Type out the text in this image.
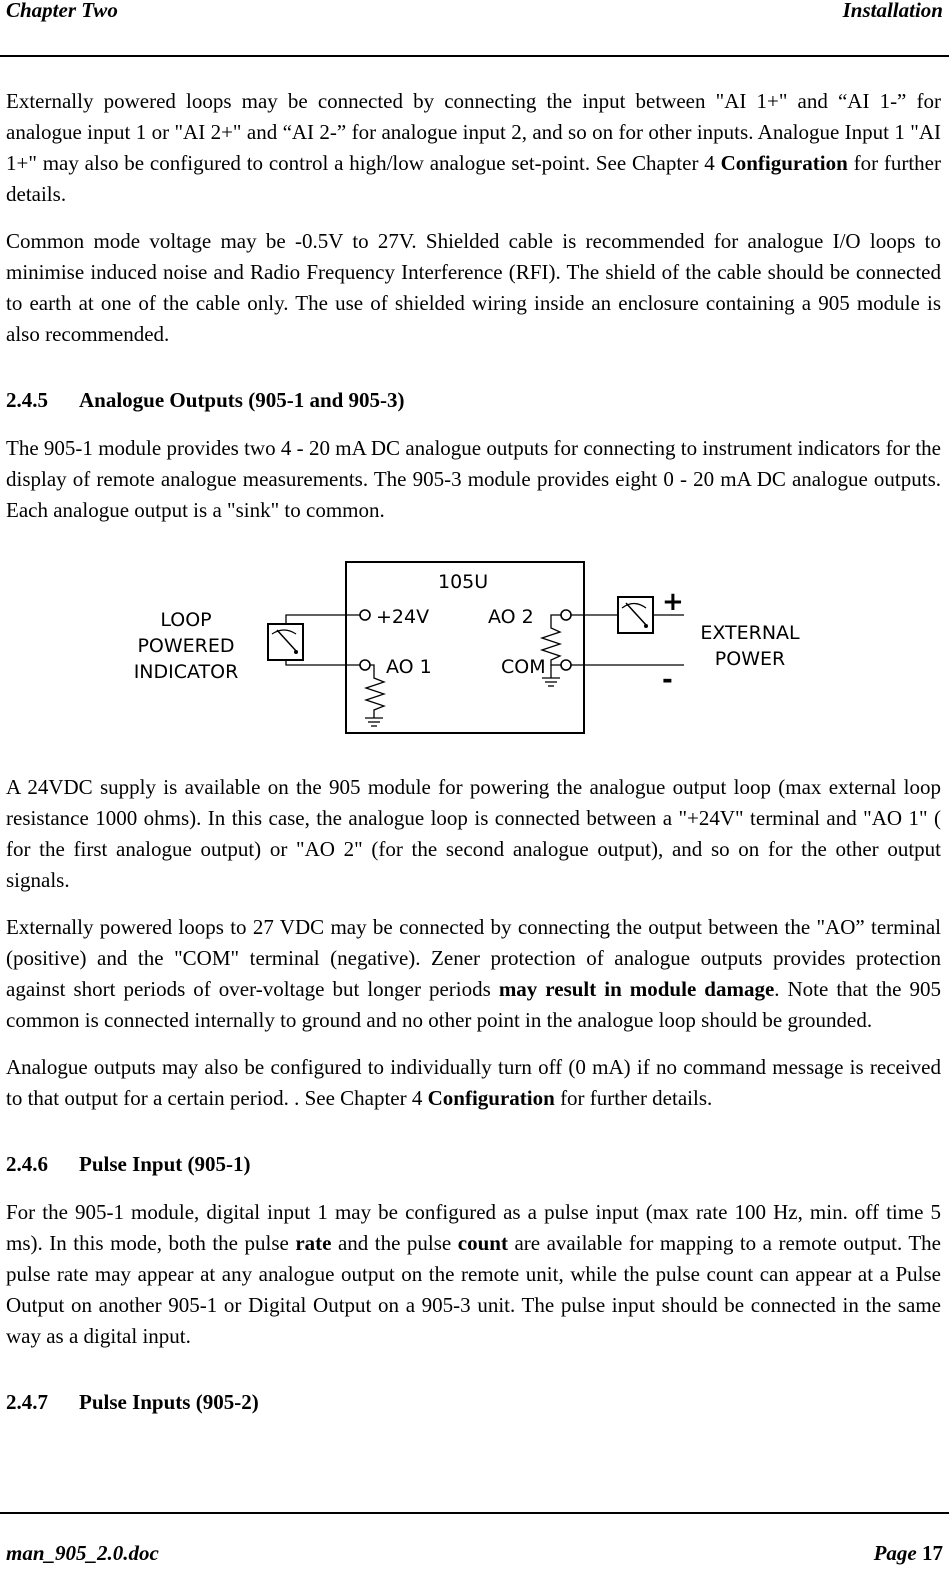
Chapter Two	Installation

Externally powered loops may be connected by connecting the input between "AI 1+" and “AI 1-” for analogue input 1 or "AI 2+" and “AI 2-” for analogue input 2, and so on for other inputs. Analogue Input 1 "AI 1+" may also be configured to control a high/low analogue set-point. See Chapter 4 Configuration for further details.

Common mode voltage may be -0.5V to 27V. Shielded cable is recommended for analogue I/O loops to minimise induced noise and Radio Frequency Interference (RFI). The shield of the cable should be connected to earth at one of the cable only. The use of shielded wiring inside an enclosure containing a 905 module is also recommended.

2.4.5 Analogue Outputs (905-1 and 905-3)

The 905-1 module provides two 4 - 20 mA DC analogue outputs for connecting to instrument indicators for the display of remote analogue measurements. The 905-3 module provides eight 0 - 20 mA DC analogue outputs. Each analogue output is a "sink" to common.

105U
+24V
AO 1
AO 2
COM
+
-
LOOP
POWERED
INDICATOR
EXTERNAL
POWER

A 24VDC supply is available on the 905 module for powering the analogue output loop (max external loop resistance 1000 ohms). In this case, the analogue loop is connected between a "+24V" terminal and "AO 1" ( for the first analogue output) or "AO 2" (for the second analogue output), and so on for the other output signals.

Externally powered loops to 27 VDC may be connected by connecting the output between the "AO” terminal (positive) and the "COM" terminal (negative). Zener protection of analogue outputs provides protection against short periods of over-voltage but longer periods may result in module damage. Note that the 905 common is connected internally to ground and no other point in the analogue loop should be grounded.

Analogue outputs may also be configured to individually turn off (0 mA) if no command message is received to that output for a certain period. . See Chapter 4 Configuration for further details.

2.4.6 Pulse Input (905-1)

For the 905-1 module, digital input 1 may be configured as a pulse input (max rate 100 Hz, min. off time 5 ms). In this mode, both the pulse rate and the pulse count are available for mapping to a remote output. The pulse rate may appear at any analogue output on the remote unit, while the pulse count can appear at a Pulse Output on another 905-1 or Digital Output on a 905-3 unit. The pulse input should be connected in the same way as a digital input.

2.4.7 Pulse Inputs (905-2)
man_905_2.0.doc	Page 17
